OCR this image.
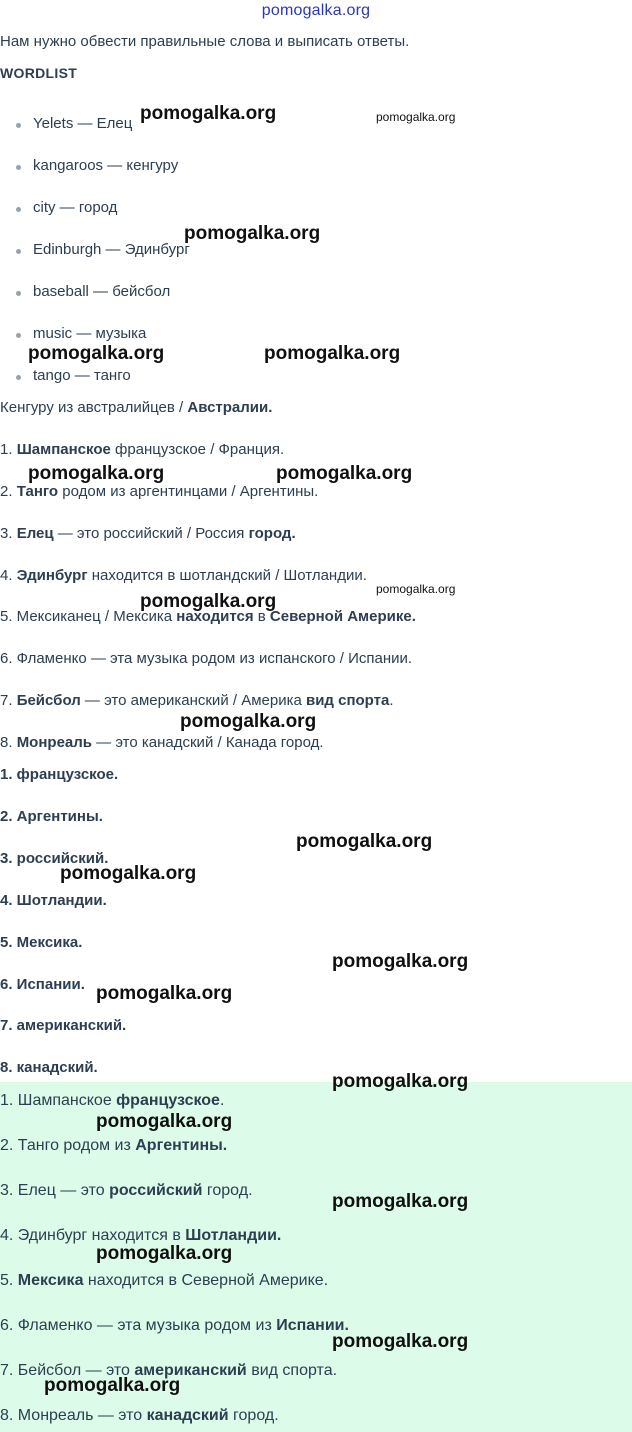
pomogalka.org
Нам нужно обвести правильные слова и выписать ответы.
WORDLIST
Yelets — Елец
kangaroos — кенгуру
city — город
Edinburgh — Эдинбург
baseball — бейсбол
music — музыка
tango — танго
Кенгуру из австралийцев / Австралии.
1. Шампанское французское / Франция.
2. Танго родом из аргентинцами / Аргентины.
3. Елец — это российский / Россия город.
4. Эдинбург находится в шотландский / Шотландии.
5. Мексиканец / Мексика находится в Северной Америке.
6. Фламенко — эта музыка родом из испанского / Испании.
7. Бейсбол — это американский / Америка вид спорта.
8. Монреаль — это канадский / Канада город.
1. французское.
2. Аргентины.
3. российский.
4. Шотландии.
5. Мексика.
6. Испании.
7. американский.
8. канадский.
1. Шампанское французское.
2. Танго родом из Аргентины.
3. Елец — это российский город.
4. Эдинбург находится в Шотландии.
5. Мексика находится в Северной Америке.
6. Фламенко — эта музыка родом из Испании.
7. Бейсбол — это американский вид спорта.
8. Монреаль — это канадский город.
pomogalka.org
pomogalka.org
pomogalka.org	pomogalka.org
pomogalka.org	pomogalka.org
pomogalka.org
pomogalka.org
pomogalka.org
pomogalka.org
pomogalka.org
pomogalka.org
pomogalka.org
pomogalka.org
pomogalka.org
pomogalka.org
pomogalka.org
pomogalka.org
pomogalka.org
pomogalka.org
